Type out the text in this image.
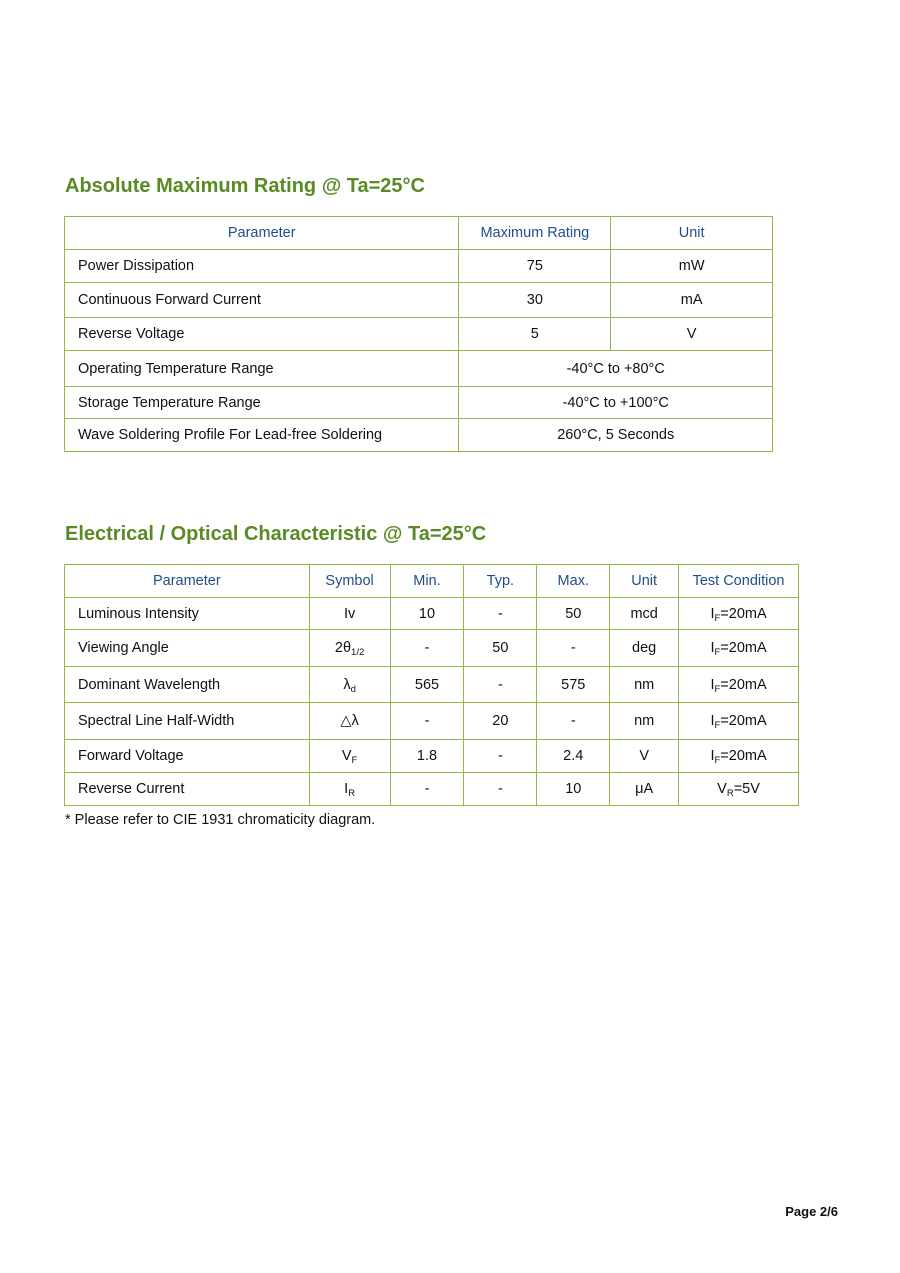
Absolute Maximum Rating @ Ta=25°C
Parameter	Maximum Rating	Unit
Power Dissipation	75	mW
Continuous Forward Current	30	mA
Reverse Voltage	5	V
Operating Temperature Range	-40°C to +80°C	
Storage Temperature Range	-40°C to +100°C	
Wave Soldering Profile For Lead-free Soldering	260°C, 5 Seconds	
Electrical / Optical Characteristic @ Ta=25°C
Parameter	Symbol	Min.	Typ.	Max.	Unit	Test Condition
Luminous Intensity	Iv	10	-	50	mcd	$I_F=20mA$
Viewing Angle	$2\theta_{1/2}$	-	50	-	deg	$I_F=20mA$
Dominant Wavelength	$\lambda_d$	565	-	575	nm	$I_F=20mA$
Spectral Line Half-Width	△λ	-	20	-	nm	$I_F=20mA$
Forward Voltage	$V_F$	1.8	-	2.4	V	$I_F=20mA$
Reverse Current	$I_R$	-	-	10	μA	$V_R=5V$
* Please refer to CIE 1931 chromaticity diagram.
Page 2/6
